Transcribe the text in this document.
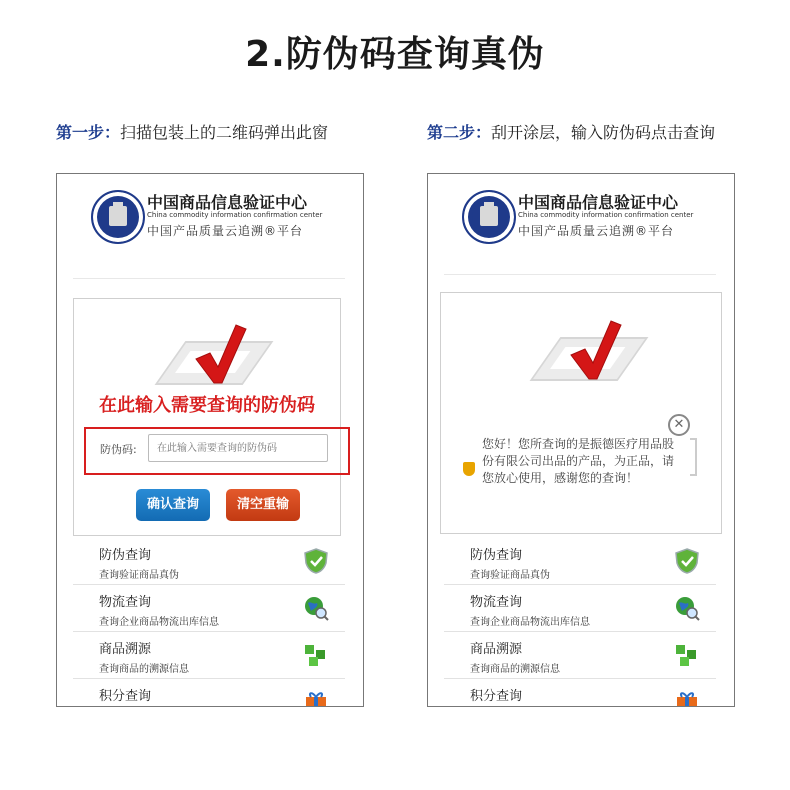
2.防伪码查询真伪
第一步：扫描包装上的二维码弹出此窗	第二步：刮开涂层，输入防伪码点击查询
中国商品信息验证中心
China commodity information confirmation center
中国产品质量云追溯®平台
在此输入需要查询的防伪码
防伪码:
在此输入需要查询的防伪码
确认查询	清空重输
防伪查询
查询验证商品真伪
物流查询
查询企业商品物流出库信息
商品溯源
查询商品的溯源信息
积分查询
中国商品信息验证中心
China commodity information confirmation center
中国产品质量云追溯®平台
✕
您好！您所查询的是振德医疗用品股份有限公司出品的产品，为正品，请您放心使用，感谢您的查询！
防伪查询
查询验证商品真伪
物流查询
查询企业商品物流出库信息
商品溯源
查询商品的溯源信息
积分查询
